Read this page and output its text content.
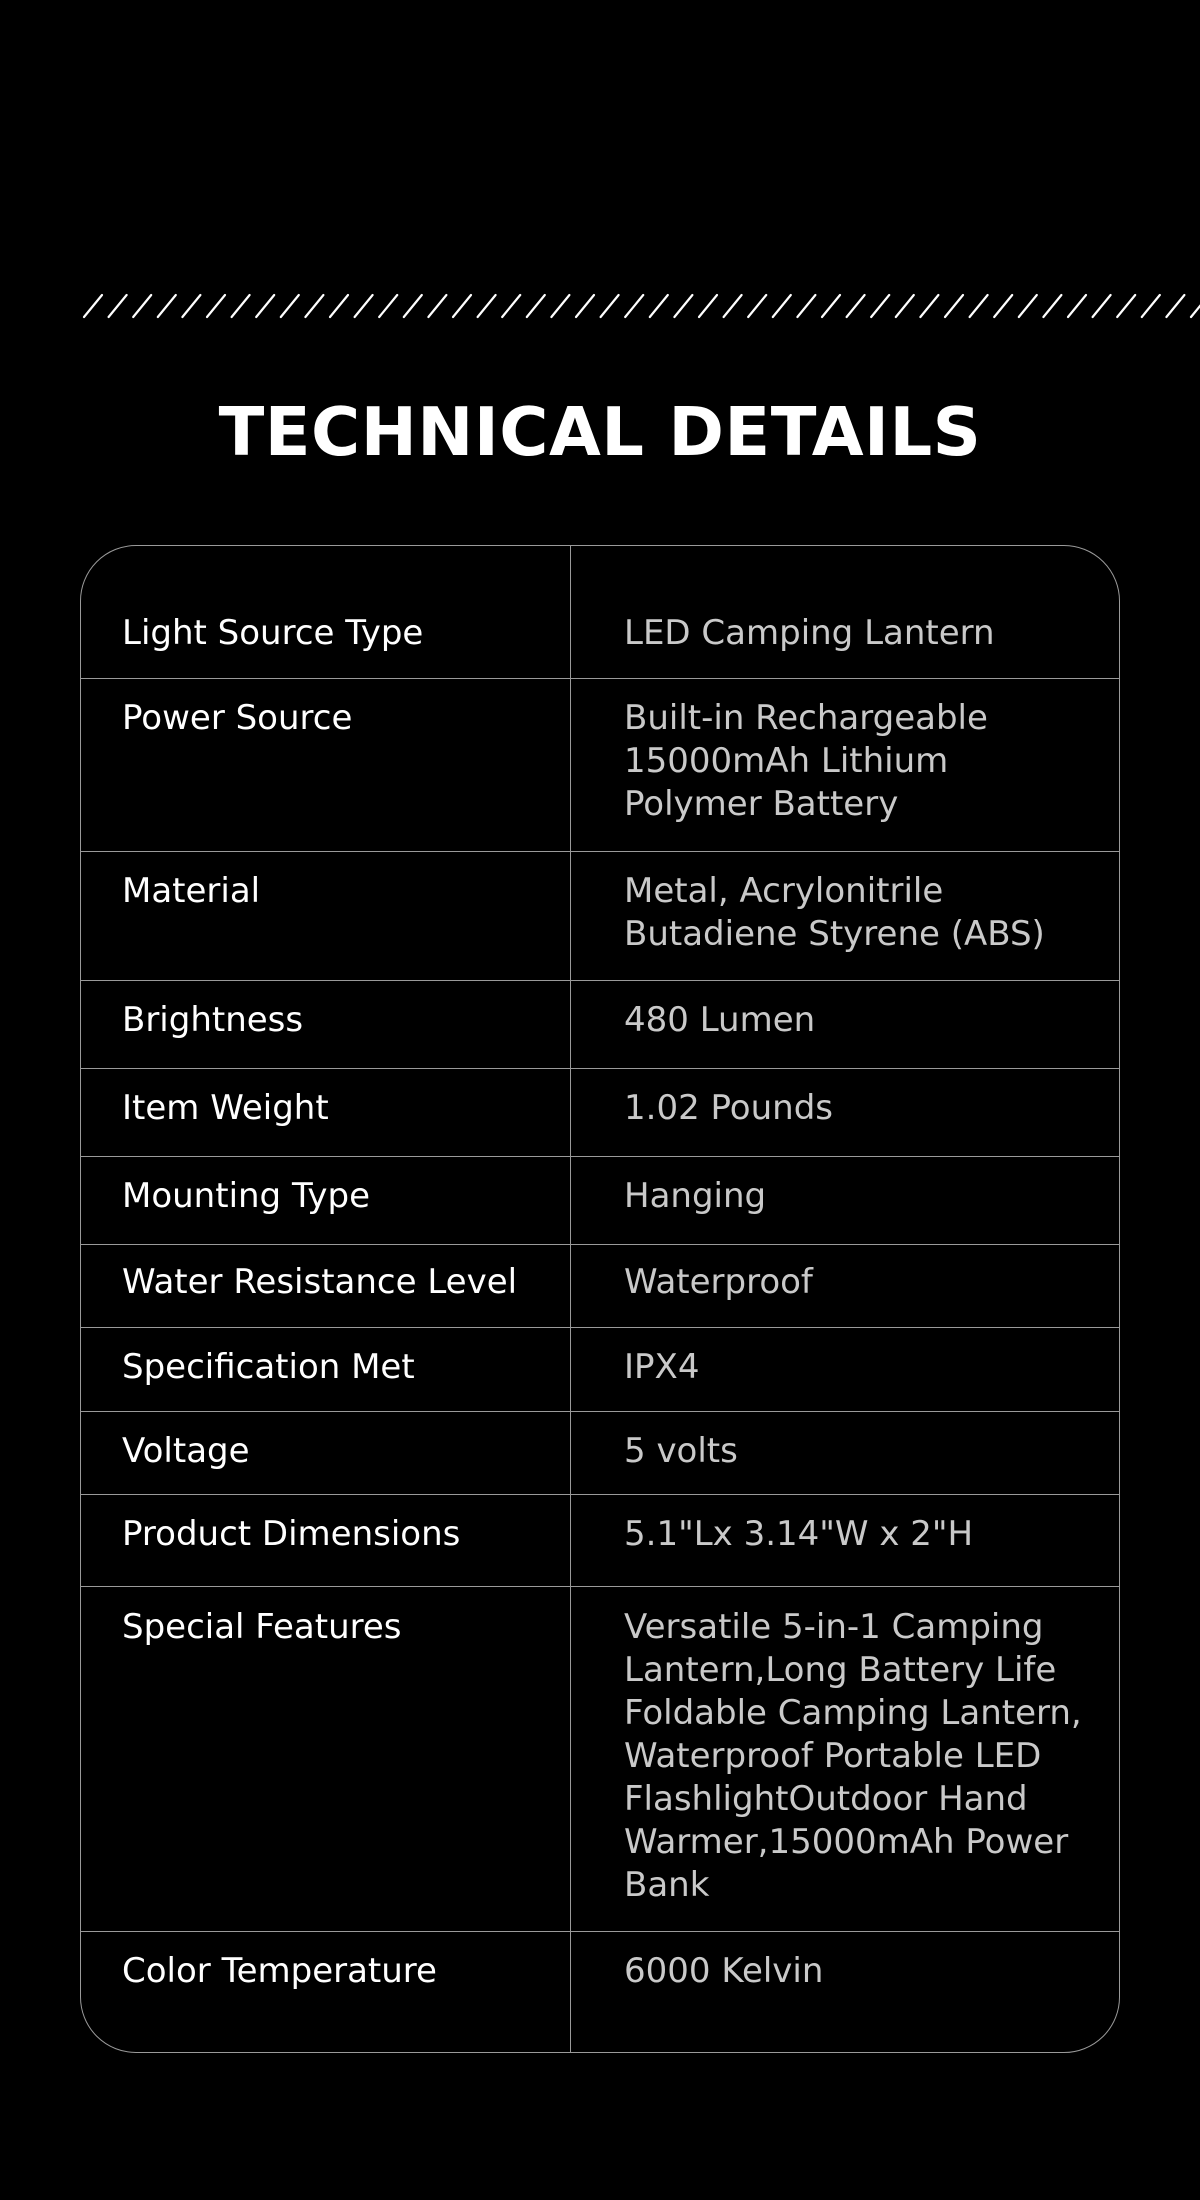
TECHNICAL DETAILS
Light Source Type	LED Camping Lantern
Power Source	Built-in Rechargeable
15000mAh Lithium
Polymer Battery
Material	Metal, Acrylonitrile
Butadiene Styrene (ABS)
Brightness	480 Lumen
Item Weight	1.02 Pounds
Mounting Type	Hanging
Water Resistance Level	Waterproof
Specification Met	IPX4
Voltage	5 volts
Product Dimensions	5.1"Lx 3.14"W x 2"H
Special Features	Versatile 5-in-1 Camping
Lantern,Long Battery Life
Foldable Camping Lantern,
Waterproof Portable LED
FlashlightOutdoor Hand
Warmer,15000mAh Power
Bank
Color Temperature	6000 Kelvin
